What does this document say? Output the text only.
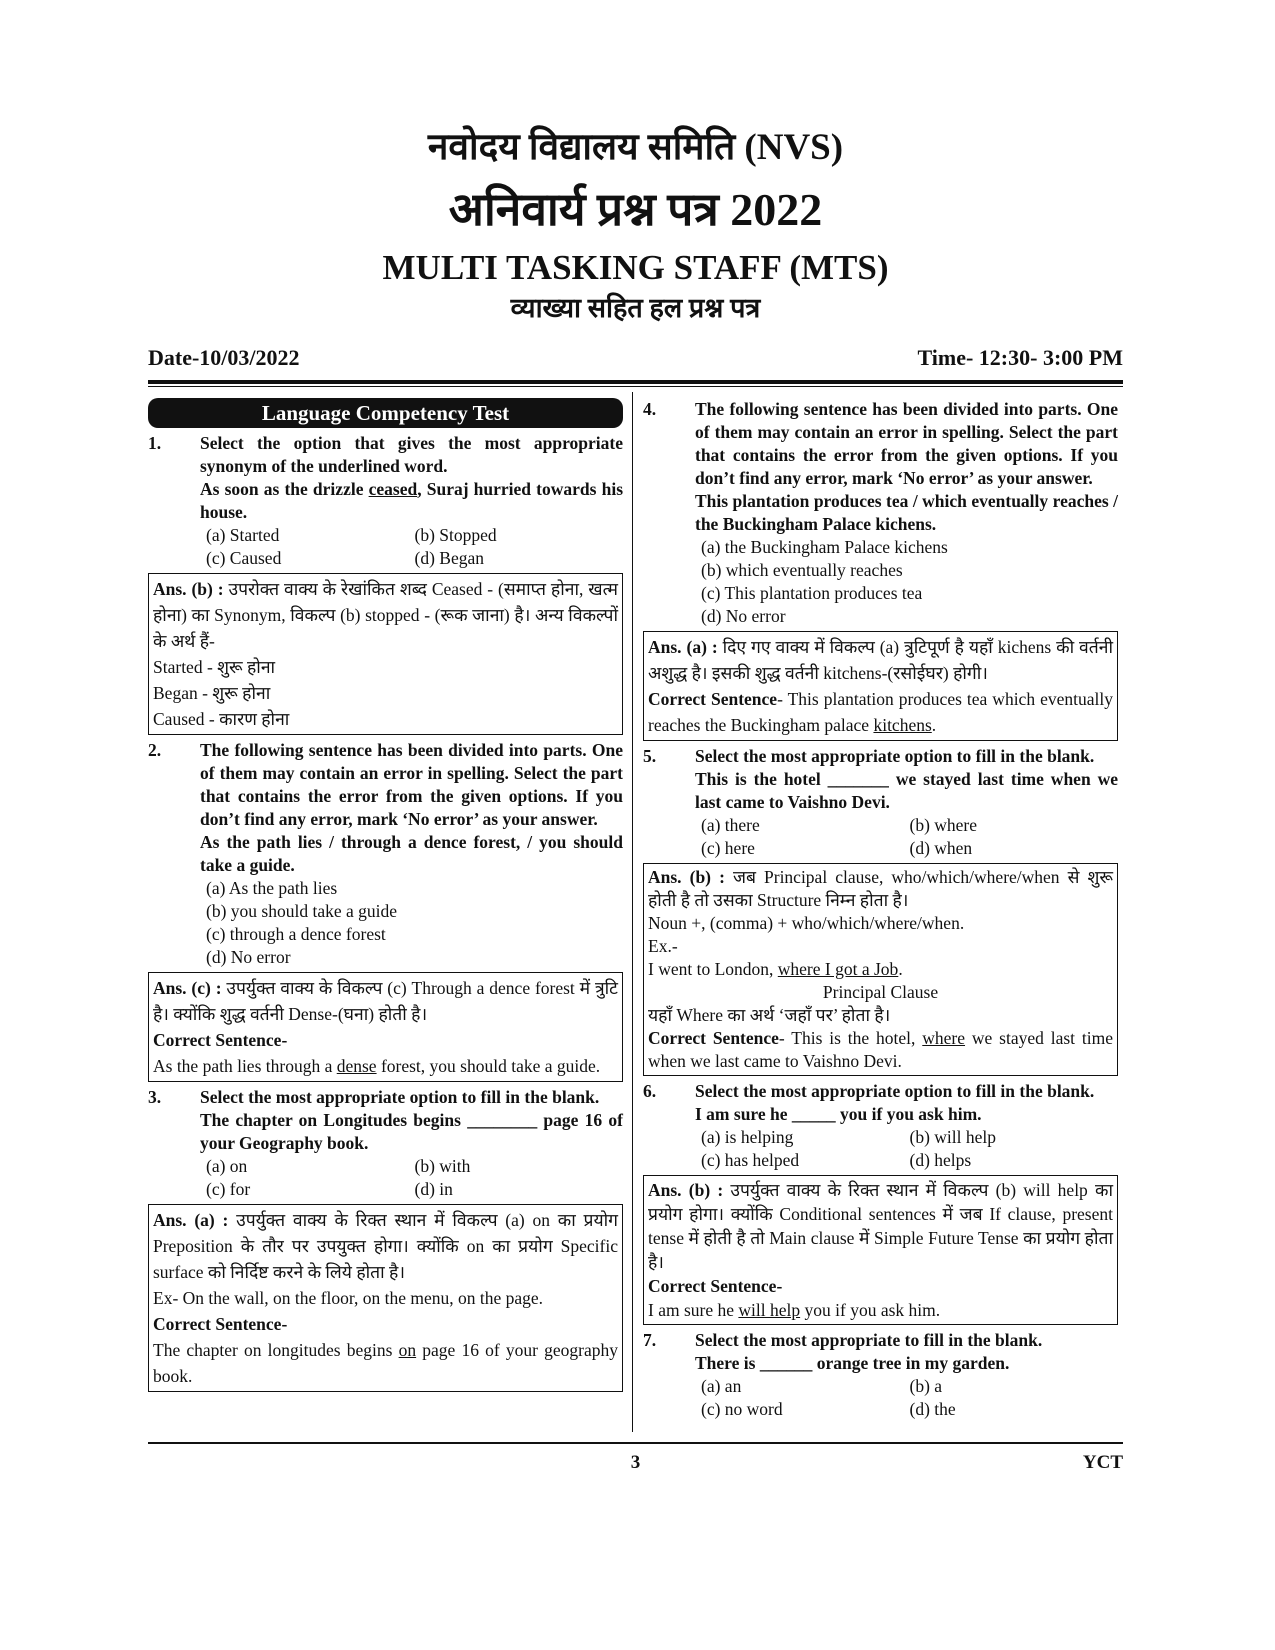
नवोदय विद्यालय समिति (NVS)
अनिवार्य प्रश्न पत्र 2022
MULTI TASKING STAFF (MTS)
व्याख्या सहित हल प्रश्न पत्र
Date-10/03/2022	Time- 12:30- 3:00 PM
Language Competency Test
1.	Select the option that gives the most appropriate synonym of the underlined word.
As soon as the drizzle ceased, Suraj hurried towards his house.
(a) Started	(b) Stopped
(c) Caused	(d) Began
Ans. (b) : उपरोक्त वाक्य के रेखांकित शब्द Ceased - (समाप्त होना, खत्म होना) का Synonym, विकल्प (b) stopped - (रूक जाना) है। अन्य विकल्पों के अर्थ हैं-
Started - शुरू होना
Began - शुरू होना
Caused - कारण होना
2.	The following sentence has been divided into parts. One of them may contain an error in spelling. Select the part that contains the error from the given options. If you don’t find any error, mark ‘No error’ as your answer.
As the path lies / through a dence forest, / you should take a guide.
(a) As the path lies
(b) you should take a guide
(c) through a dence forest
(d) No error
Ans. (c) : उपर्युक्त वाक्य के विकल्प (c) Through a dence forest में त्रुटि है। क्योंकि शुद्ध वर्तनी Dense-(घना) होती है।
Correct Sentence-
As the path lies through a dense forest, you should take a guide.
3.	Select the most appropriate option to fill in the blank.
The chapter on Longitudes begins ________ page 16 of your Geography book.
(a) on	(b) with
(c) for	(d) in
Ans. (a) : उपर्युक्त वाक्य के रिक्त स्थान में विकल्प (a) on का प्रयोग Preposition के तौर पर उपयुक्त होगा। क्योंकि on का प्रयोग Specific surface को निर्दिष्ट करने के लिये होता है।
Ex- On the wall, on the floor, on the menu, on the page.
Correct Sentence-
The chapter on longitudes begins on page 16 of your geography book.
4.	The following sentence has been divided into parts. One of them may contain an error in spelling. Select the part that contains the error from the given options. If you don’t find any error, mark ‘No error’ as your answer.
This plantation produces tea / which eventually reaches / the Buckingham Palace kichens.
(a) the Buckingham Palace kichens
(b) which eventually reaches
(c) This plantation produces tea
(d) No error
Ans. (a) : दिए गए वाक्य में विकल्प (a) त्रुटिपूर्ण है यहाँ kichens की वर्तनी अशुद्ध है। इसकी शुद्ध वर्तनी kitchens-(रसोईघर) होगी।
Correct Sentence- This plantation produces tea which eventually reaches the Buckingham palace kitchens.
5.	Select the most appropriate option to fill in the blank.
This is the hotel _______ we stayed last time when we last came to Vaishno Devi.
(a) there	(b) where
(c) here	(d) when
Ans. (b) : जब Principal clause, who/which/where/when से शुरू होती है तो उसका Structure निम्न होता है।
Noun +, (comma) + who/which/where/when.
Ex.-
I went to London, where I got a Job.
Principal Clause
यहाँ Where का अर्थ ‘जहाँ पर’ होता है।
Correct Sentence- This is the hotel, where we stayed last time when we last came to Vaishno Devi.
6.	Select the most appropriate option to fill in the blank.
I am sure he _____ you if you ask him.
(a) is helping	(b) will help
(c) has helped	(d) helps
Ans. (b) : उपर्युक्त वाक्य के रिक्त स्थान में विकल्प (b) will help का प्रयोग होगा। क्योंकि Conditional sentences में जब If clause, present tense में होती है तो Main clause में Simple Future Tense का प्रयोग होता है।
Correct Sentence-
I am sure he will help you if you ask him.
7.	Select the most appropriate to fill in the blank.
There is ______ orange tree in my garden.
(a) an	(b) a
(c) no word	(d) the
3	YCT
